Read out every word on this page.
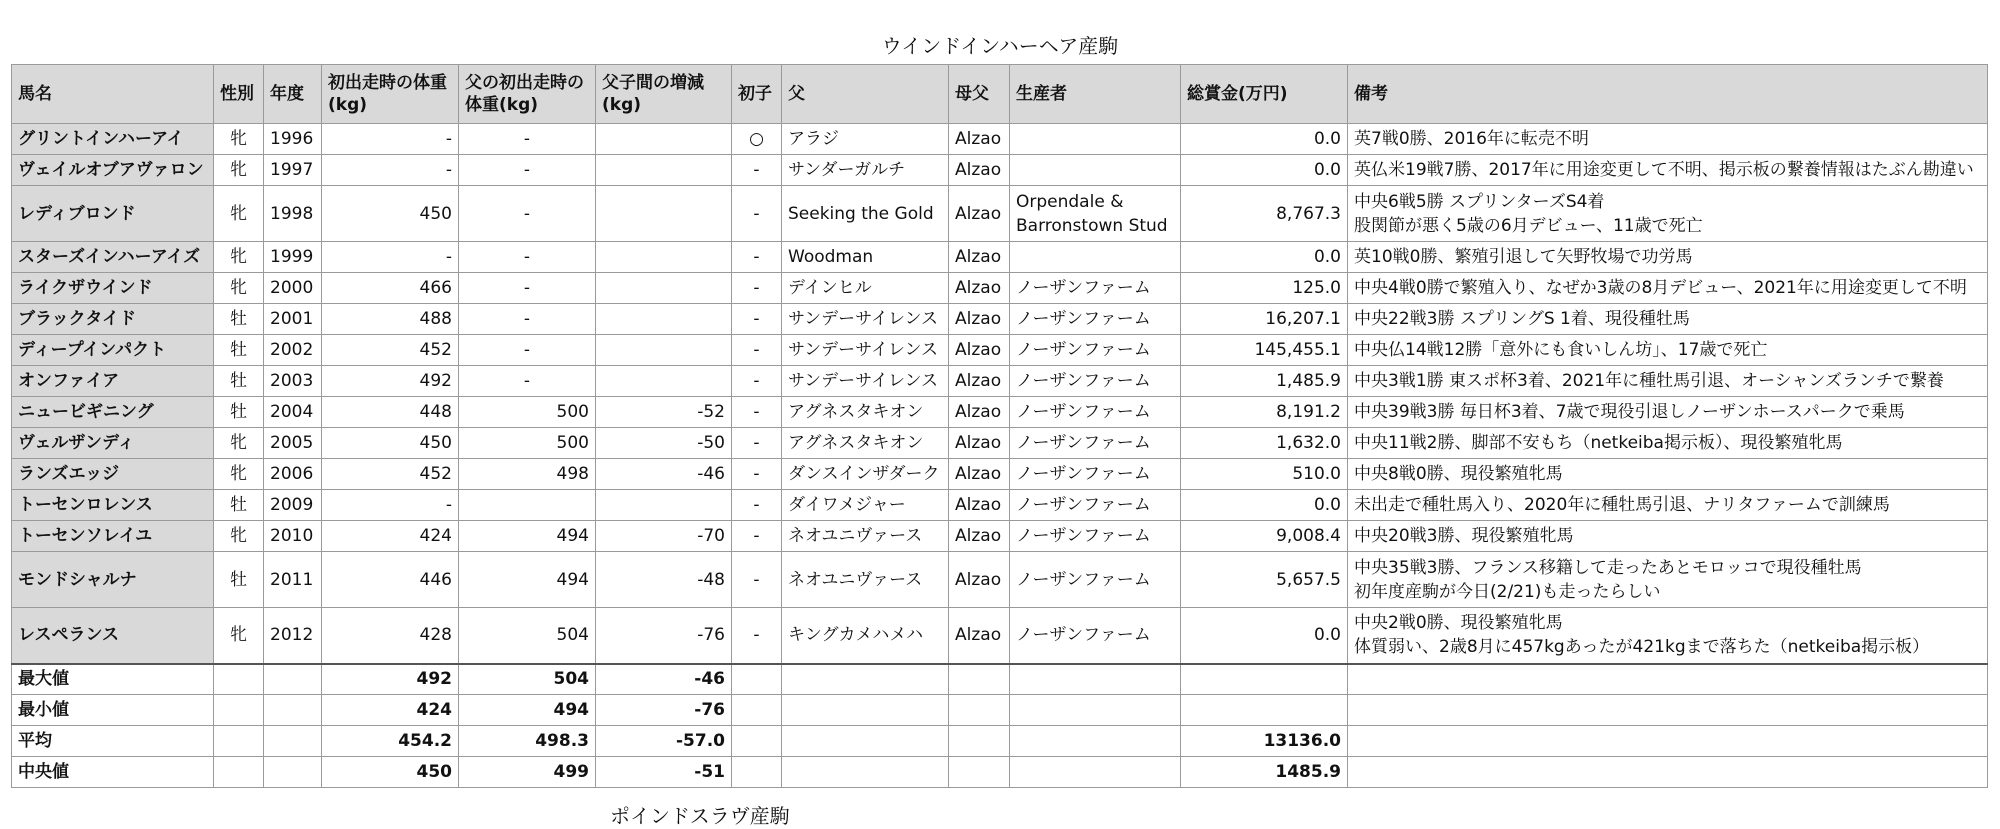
ウインドインハーヘア産駒
馬名	性別	年度	初出走時の体重(kg)	父の初出走時の体重(kg)	父子間の増減(kg)	初子	父	母父	生産者	総賞金(万円)	備考
グリントインハーアイ	牝	1996	-	-		○	アラジ	Alzao		0.0	英7戦0勝、2016年に転売不明
ヴェイルオブアヴァロン	牝	1997	-	-		-	サンダーガルチ	Alzao		0.0	英仏米19戦7勝、2017年に用途変更して不明、掲示板の繋養情報はたぶん勘違い
レディブロンド	牝	1998	450	-		-	Seeking the Gold	Alzao	Orpendale &
Barronstown Stud	8,767.3	中央6戦5勝 スプリンターズS4着
股関節が悪く5歳の6月デビュー、11歳で死亡
スターズインハーアイズ	牝	1999	-	-		-	Woodman	Alzao		0.0	英10戦0勝、繁殖引退して矢野牧場で功労馬
ライクザウインド	牝	2000	466	-		-	デインヒル	Alzao	ノーザンファーム	125.0	中央4戦0勝で繁殖入り、なぜか3歳の8月デビュー、2021年に用途変更して不明
ブラックタイド	牡	2001	488	-		-	サンデーサイレンス	Alzao	ノーザンファーム	16,207.1	中央22戦3勝 スプリングS 1着、現役種牡馬
ディープインパクト	牡	2002	452	-		-	サンデーサイレンス	Alzao	ノーザンファーム	145,455.1	中央仏14戦12勝「意外にも食いしん坊」、17歳で死亡
オンファイア	牡	2003	492	-		-	サンデーサイレンス	Alzao	ノーザンファーム	1,485.9	中央3戦1勝 東スポ杯3着、2021年に種牡馬引退、オーシャンズランチで繋養
ニュービギニング	牡	2004	448	500	-52	-	アグネスタキオン	Alzao	ノーザンファーム	8,191.2	中央39戦3勝 毎日杯3着、7歳で現役引退しノーザンホースパークで乗馬
ヴェルザンディ	牝	2005	450	500	-50	-	アグネスタキオン	Alzao	ノーザンファーム	1,632.0	中央11戦2勝、脚部不安もち（netkeiba掲示板）、現役繁殖牝馬
ランズエッジ	牝	2006	452	498	-46	-	ダンスインザダーク	Alzao	ノーザンファーム	510.0	中央8戦0勝、現役繁殖牝馬
トーセンロレンス	牡	2009	-			-	ダイワメジャー	Alzao	ノーザンファーム	0.0	未出走で種牡馬入り、2020年に種牡馬引退、ナリタファームで訓練馬
トーセンソレイユ	牝	2010	424	494	-70	-	ネオユニヴァース	Alzao	ノーザンファーム	9,008.4	中央20戦3勝、現役繁殖牝馬
モンドシャルナ	牡	2011	446	494	-48	-	ネオユニヴァース	Alzao	ノーザンファーム	5,657.5	中央35戦3勝、フランス移籍して走ったあとモロッコで現役種牡馬
初年度産駒が今日(2/21)も走ったらしい
レスペランス	牝	2012	428	504	-76	-	キングカメハメハ	Alzao	ノーザンファーム	0.0	中央2戦0勝、現役繁殖牝馬
体質弱い、2歳8月に457kgあったが421kgまで落ちた（netkeiba掲示板）
最大値			492	504	-46						
最小値			424	494	-76						
平均			454.2	498.3	-57.0					13136.0	
中央値			450	499	-51					1485.9	
ポインドスラヴ産駒
